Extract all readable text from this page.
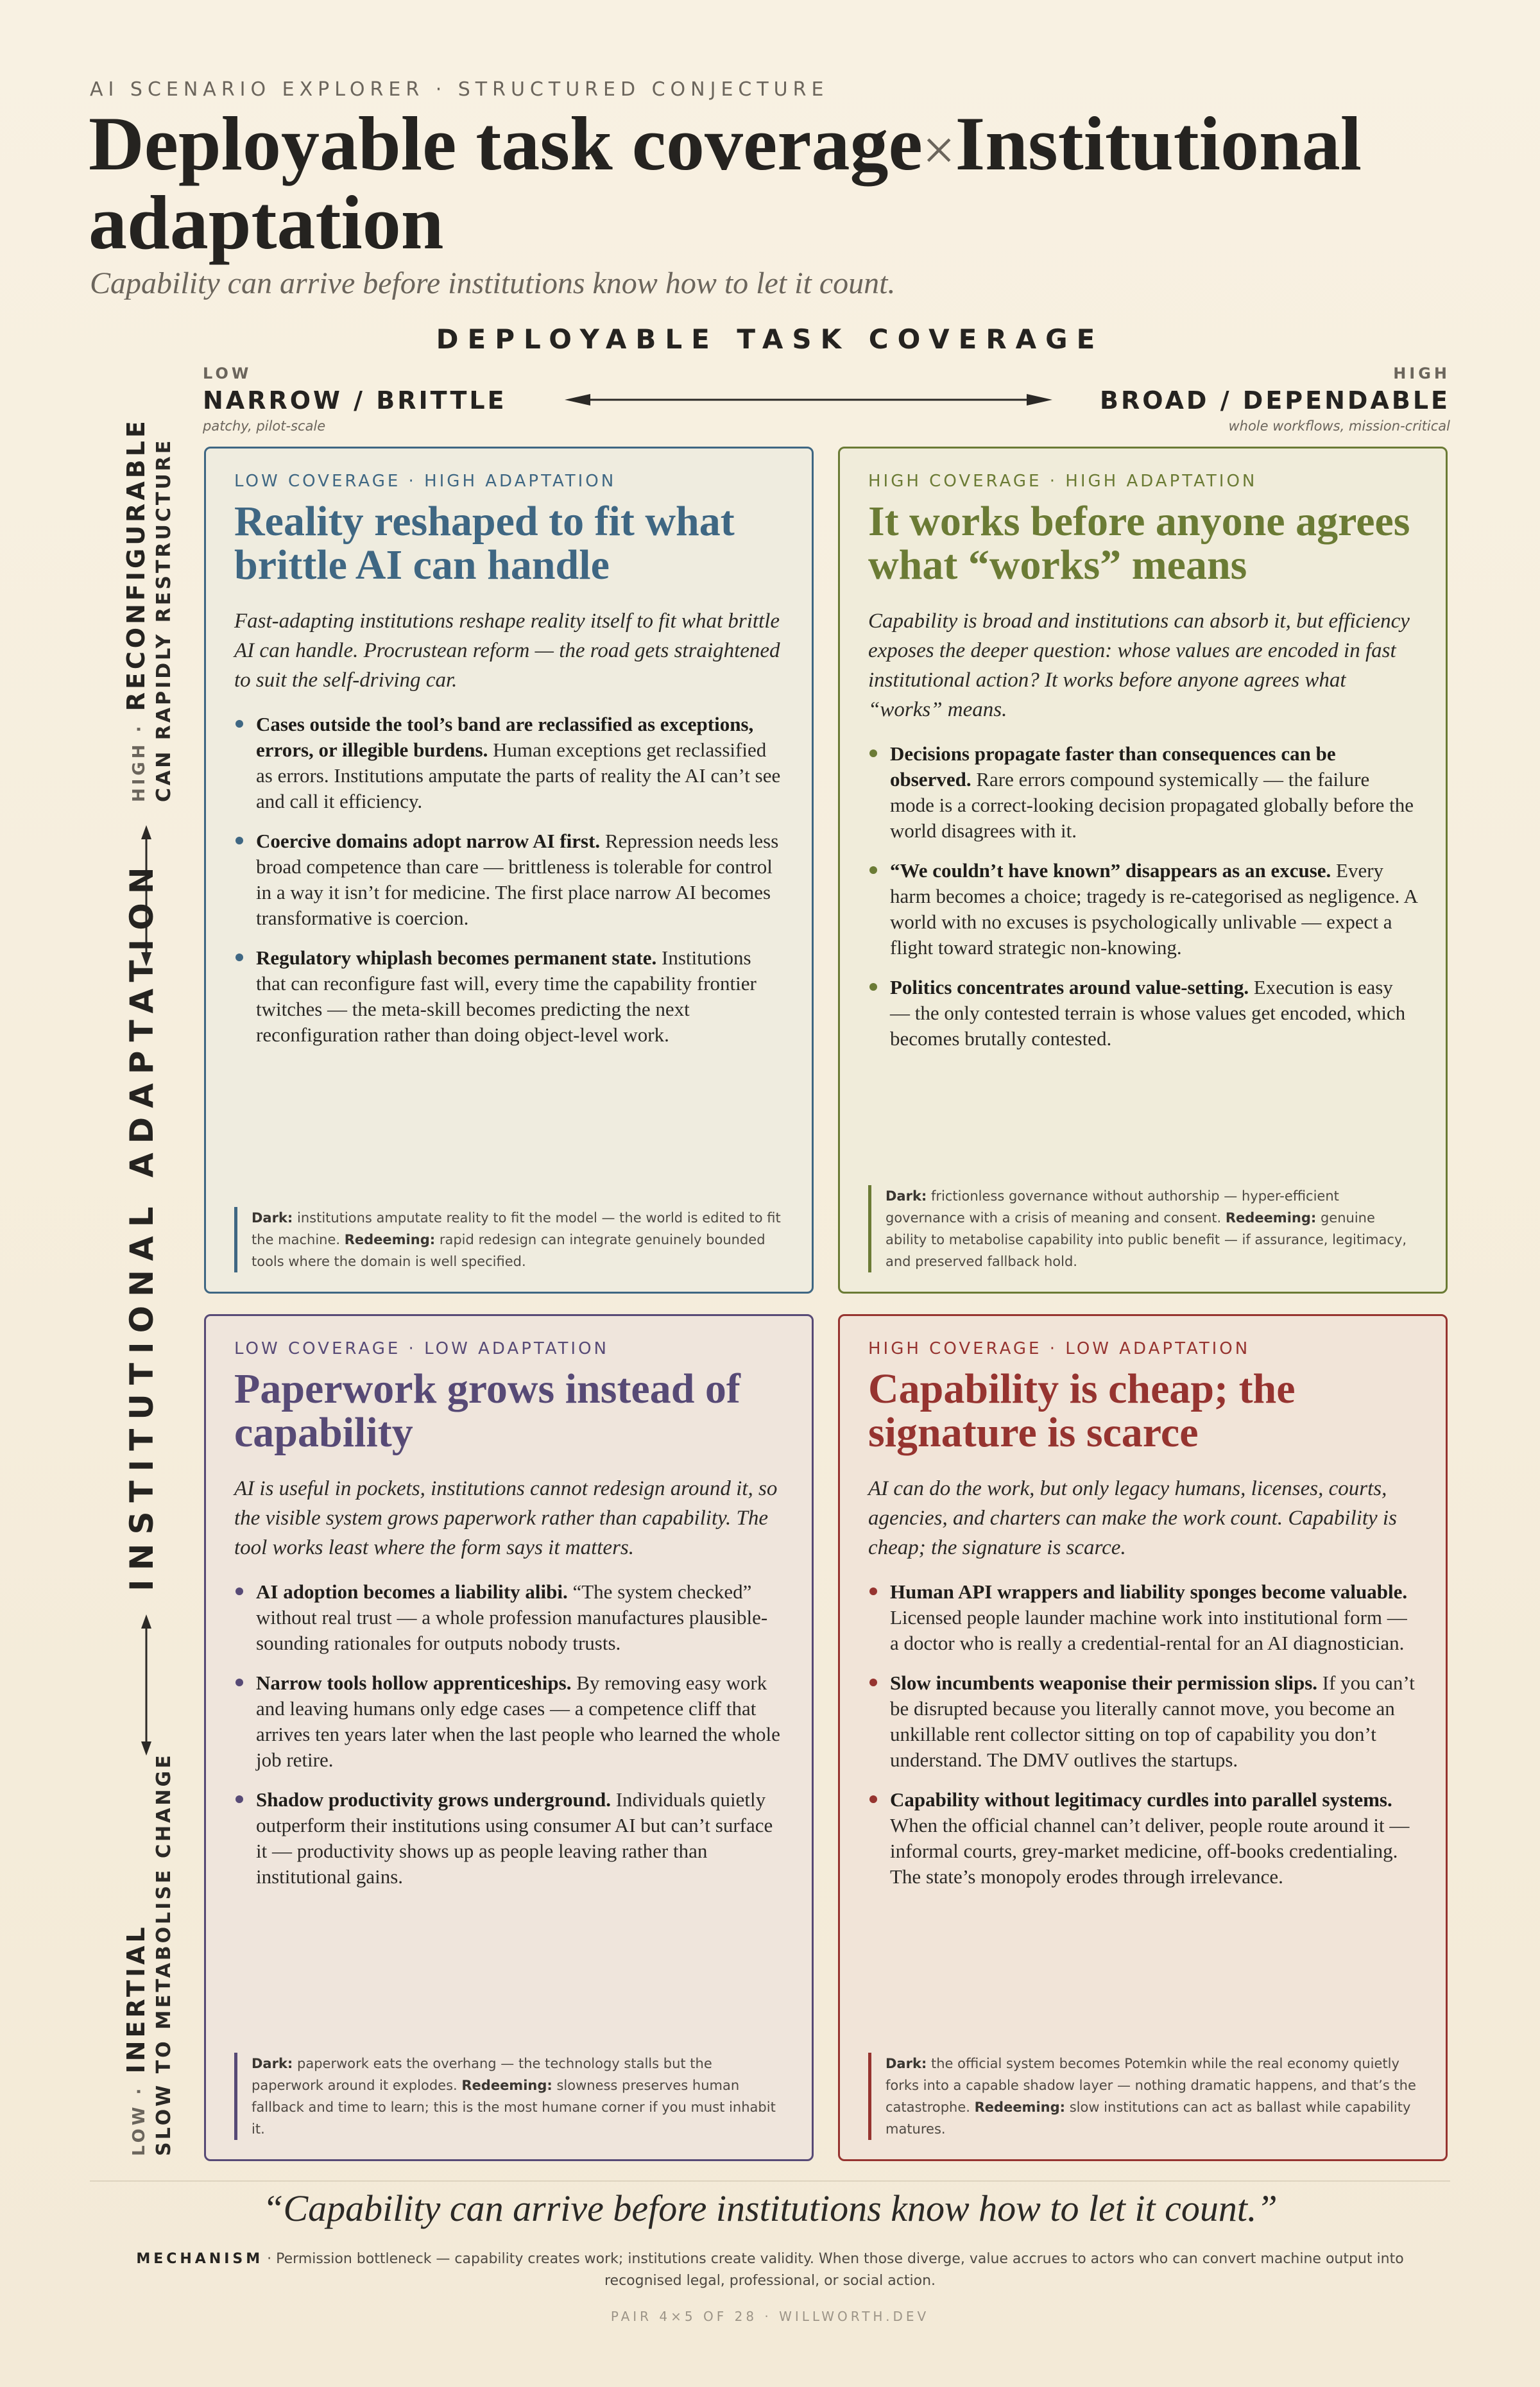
AI SCENARIO EXPLORER · STRUCTURED CONJECTURE
Deployable task coverage×Institutional adaptation
Capability can arrive before institutions know how to let it count.
DEPLOYABLE TASK COVERAGE
LOW
NARROW / BRITTLE
patchy, pilot-scale
HIGH
BROAD / DEPENDABLE
whole workflows, mission-critical
HIGH · RECONFIGURABLE CAN RAPIDLY RESTRUCTURE
INSTITUTIONAL ADAPTATION
LOW · INERTIAL SLOW TO METABOLISE CHANGE
LOW COVERAGE · HIGH ADAPTATION
Reality reshaped to fit what brittle AI can handle
Fast-adapting institutions reshape reality itself to fit what brittle AI can handle. Procrustean reform — the road gets straightened to suit the self-driving car.
Cases outside the tool’s band are reclassified as exceptions, errors, or illegible burdens. Human exceptions get reclassified as errors. Institutions amputate the parts of reality the AI can’t see and call it efficiency.
Coercive domains adopt narrow AI first. Repression needs less broad competence than care — brittleness is tolerable for control in a way it isn’t for medicine. The first place narrow AI becomes transformative is coercion.
Regulatory whiplash becomes permanent state. Institutions that can reconfigure fast will, every time the capability frontier twitches — the meta-skill becomes predicting the next reconfiguration rather than doing object-level work.
Dark: institutions amputate reality to fit the model — the world is edited to fit the machine. Redeeming: rapid redesign can integrate genuinely bounded tools where the domain is well specified.
HIGH COVERAGE · HIGH ADAPTATION
It works before anyone agrees what “works” means
Capability is broad and institutions can absorb it, but efficiency exposes the deeper question: whose values are encoded in fast institutional action? It works before anyone agrees what “works” means.
Decisions propagate faster than consequences can be observed. Rare errors compound systemically — the failure mode is a correct-looking decision propagated globally before the world disagrees with it.
“We couldn’t have known” disappears as an excuse. Every harm becomes a choice; tragedy is re-categorised as negligence. A world with no excuses is psychologically unlivable — expect a flight toward strategic non-knowing.
Politics concentrates around value-setting. Execution is easy — the only contested terrain is whose values get encoded, which becomes brutally contested.
Dark: frictionless governance without authorship — hyper-efficient governance with a crisis of meaning and consent. Redeeming: genuine ability to metabolise capability into public benefit — if assurance, legitimacy, and preserved fallback hold.
LOW COVERAGE · LOW ADAPTATION
Paperwork grows instead of capability
AI is useful in pockets, institutions cannot redesign around it, so the visible system grows paperwork rather than capability. The tool works least where the form says it matters.
AI adoption becomes a liability alibi. “The system checked” without real trust — a whole profession manufactures plausible-sounding rationales for outputs nobody trusts.
Narrow tools hollow apprenticeships. By removing easy work and leaving humans only edge cases — a competence cliff that arrives ten years later when the last people who learned the whole job retire.
Shadow productivity grows underground. Individuals quietly outperform their institutions using consumer AI but can’t surface it — productivity shows up as people leaving rather than institutional gains.
Dark: paperwork eats the overhang — the technology stalls but the paperwork around it explodes. Redeeming: slowness preserves human fallback and time to learn; this is the most humane corner if you must inhabit it.
HIGH COVERAGE · LOW ADAPTATION
Capability is cheap; the signature is scarce
AI can do the work, but only legacy humans, licenses, courts, agencies, and charters can make the work count. Capability is cheap; the signature is scarce.
Human API wrappers and liability sponges become valuable. Licensed people launder machine work into institutional form — a doctor who is really a credential-rental for an AI diagnostician.
Slow incumbents weaponise their permission slips. If you can’t be disrupted because you literally cannot move, you become an unkillable rent collector sitting on top of capability you don’t understand. The DMV outlives the startups.
Capability without legitimacy curdles into parallel systems. When the official channel can’t deliver, people route around it — informal courts, grey-market medicine, off-books credentialing. The state’s monopoly erodes through irrelevance.
Dark: the official system becomes Potemkin while the real economy quietly forks into a capable shadow layer — nothing dramatic happens, and that’s the catastrophe. Redeeming: slow institutions can act as ballast while capability matures.
“Capability can arrive before institutions know how to let it count.”
MECHANISM · Permission bottleneck — capability creates work; institutions create validity. When those diverge, value accrues to actors who can convert machine output into recognised legal, professional, or social action.
PAIR 4×5 OF 28 · WILLWORTH.DEV
